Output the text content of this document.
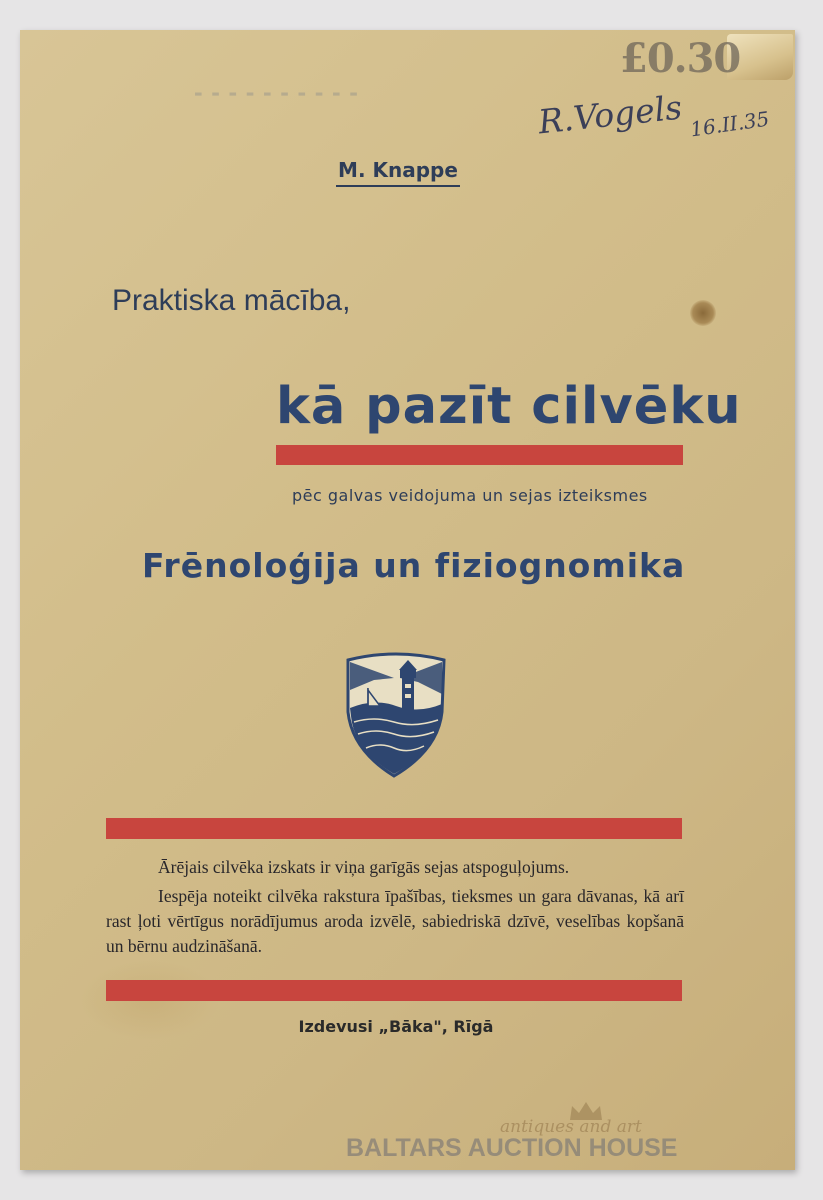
▬ ▬ ▬ ▬ ▬ ▬ ▬ ▬ ▬ ▬
£0.30
R.Vogels 16.II.35
M. Knappe
Praktiska mācība,
kā pazīt cilvēku
pēc galvas veidojuma un sejas izteiksmes
Frēnoloģija un fiziognomika
Ārējais cilvēka izskats ir viņa garīgās sejas atspoguļojums.
Iespēja noteikt cilvēka rakstura īpašības, tieksmes un gara dāvanas, kā arī rast ļoti vērtīgus norādījumus aroda izvēlē, sabiedriskā dzīvē, veselības kopšanā un bērnu audzināšanā.
Izdevusi „Bāka", Rīgā
antiques and art
BALTARS AUCTION HOUSE
